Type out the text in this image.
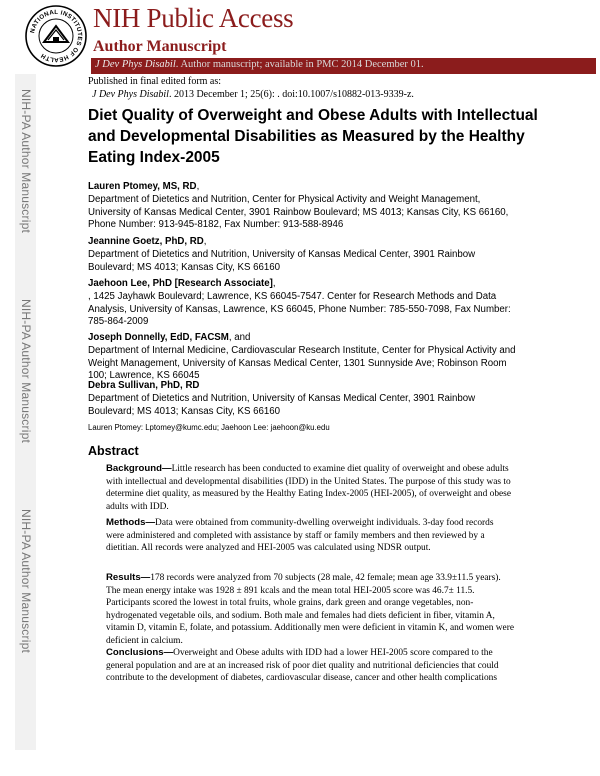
NATIONAL INSTITUTES OF HEALTH
NIH Public Access
Author Manuscript
J Dev Phys Disabil. Author manuscript; available in PMC 2014 December 01.
NIH-PA Author Manuscript
NIH-PA Author Manuscript
NIH-PA Author Manuscript
Published in final edited form as:
J Dev Phys Disabil. 2013 December 1; 25(6): . doi:10.1007/s10882-013-9339-z.
Diet Quality of Overweight and Obese Adults with Intellectual and Developmental Disabilities as Measured by the Healthy Eating Index-2005
Lauren Ptomey, MS, RD,
Department of Dietetics and Nutrition, Center for Physical Activity and Weight Management, University of Kansas Medical Center, 3901 Rainbow Boulevard; MS 4013; Kansas City, KS 66160, Phone Number: 913-945-8182, Fax Number: 913-588-8946
Jeannine Goetz, PhD, RD,
Department of Dietetics and Nutrition, University of Kansas Medical Center, 3901 Rainbow Boulevard; MS 4013; Kansas City, KS 66160
Jaehoon Lee, PhD [Research Associate],
, 1425 Jayhawk Boulevard; Lawrence, KS 66045-7547. Center for Research Methods and Data Analysis, University of Kansas, Lawrence, KS 66045, Phone Number: 785-550-7098, Fax Number: 785-864-2009
Joseph Donnelly, EdD, FACSM, and
Department of Internal Medicine, Cardiovascular Research Institute, Center for Physical Activity and Weight Management, University of Kansas Medical Center, 1301 Sunnyside Ave; Robinson Room 100; Lawrence, KS 66045
Debra Sullivan, PhD, RD
Department of Dietetics and Nutrition, University of Kansas Medical Center, 3901 Rainbow Boulevard; MS 4013; Kansas City, KS 66160
Lauren Ptomey: Lptomey@kumc.edu; Jaehoon Lee: jaehoon@ku.edu
Abstract
Background—Little research has been conducted to examine diet quality of overweight and obese adults with intellectual and developmental disabilities (IDD) in the United States. The purpose of this study was to determine diet quality, as measured by the Healthy Eating Index-2005 (HEI-2005), of overweight and obese adults with IDD.
Methods—Data were obtained from community-dwelling overweight individuals. 3-day food records were administered and completed with assistance by staff or family members and then reviewed by a dietitian. All records were analyzed and HEI-2005 was calculated using NDSR output.
Results—178 records were analyzed from 70 subjects (28 male, 42 female; mean age 33.9±11.5 years). The mean energy intake was 1928 ± 891 kcals and the mean total HEI-2005 score was 46.7± 11.5. Participants scored the lowest in total fruits, whole grains, dark green and orange vegetables, non-hydrogenated vegetable oils, and sodium. Both male and females had diets deficient in fiber, vitamin A, vitamin D, vitamin E, folate, and potassium. Additionally men were deficient in vitamin K, and women were deficient in calcium.
Conclusions—Overweight and Obese adults with IDD had a lower HEI-2005 score compared to the general population and are at an increased risk of poor diet quality and nutritional deficiencies that could contribute to the development of diabetes, cardiovascular disease, cancer and other health complications
